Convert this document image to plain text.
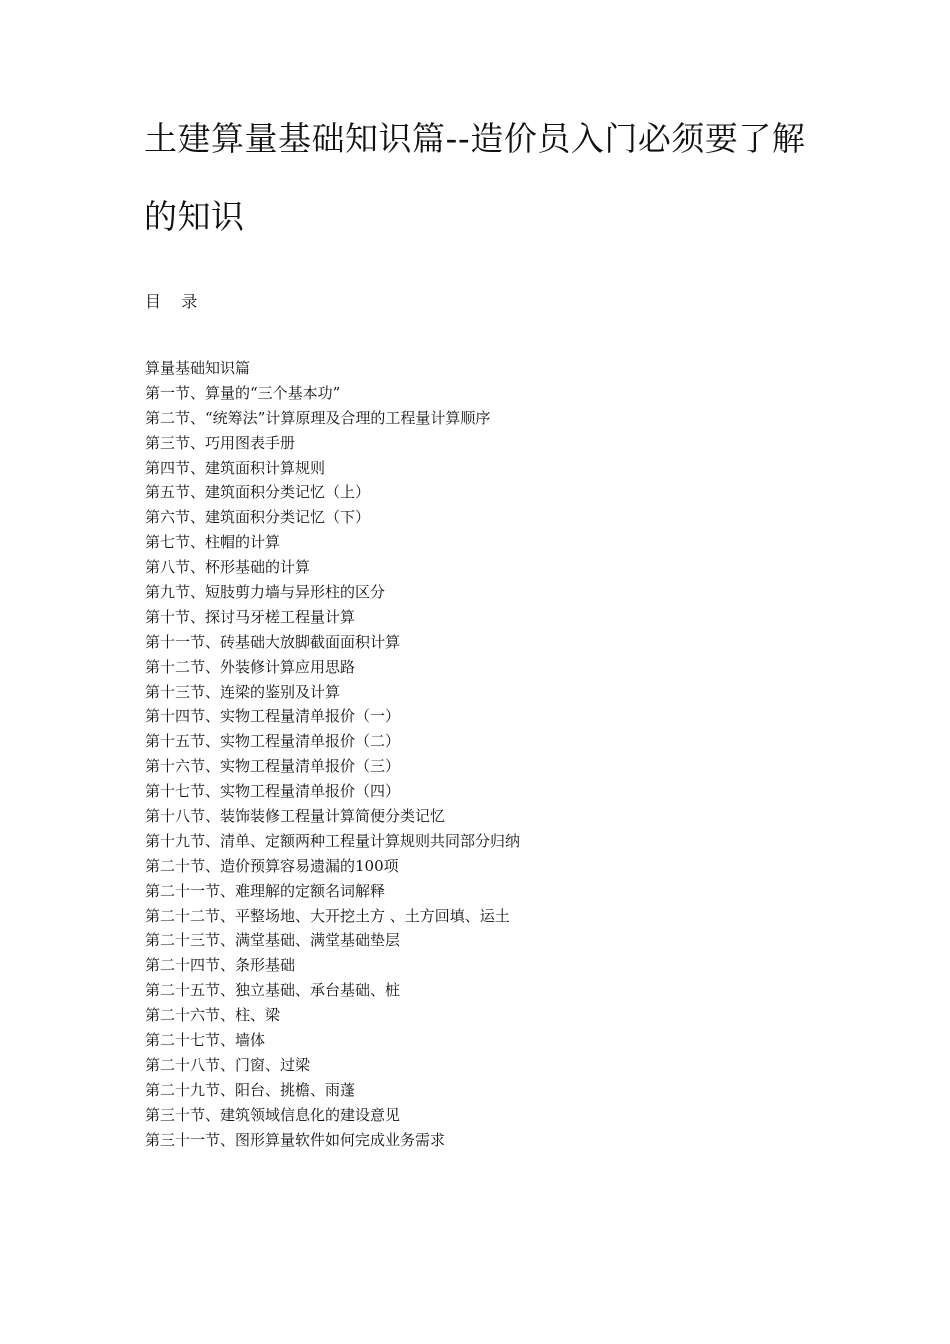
土建算量基础知识篇--造价员入门必须要了解的知识
目    录
算量基础知识篇
第一节、算量的“三个基本功”
第二节、“统筹法”计算原理及合理的工程量计算顺序
第三节、巧用图表手册
第四节、建筑面积计算规则
第五节、建筑面积分类记忆（上）
第六节、建筑面积分类记忆（下）
第七节、柱帽的计算
第八节、杯形基础的计算
第九节、短肢剪力墙与异形柱的区分
第十节、探讨马牙槎工程量计算
第十一节、砖基础大放脚截面面积计算
第十二节、外装修计算应用思路
第十三节、连梁的鉴别及计算
第十四节、实物工程量清单报价（一）
第十五节、实物工程量清单报价（二）
第十六节、实物工程量清单报价（三）
第十七节、实物工程量清单报价（四）
第十八节、装饰装修工程量计算简便分类记忆
第十九节、清单、定额两种工程量计算规则共同部分归纳
第二十节、造价预算容易遗漏的100项
第二十一节、难理解的定额名词解释
第二十二节、平整场地、大开挖土方 、土方回填、运土
第二十三节、满堂基础、满堂基础垫层
第二十四节、条形基础
第二十五节、独立基础、承台基础、桩
第二十六节、柱、梁
第二十七节、墙体
第二十八节、门窗、过梁
第二十九节、阳台、挑檐、雨蓬
第三十节、建筑领域信息化的建设意见
第三十一节、图形算量软件如何完成业务需求
